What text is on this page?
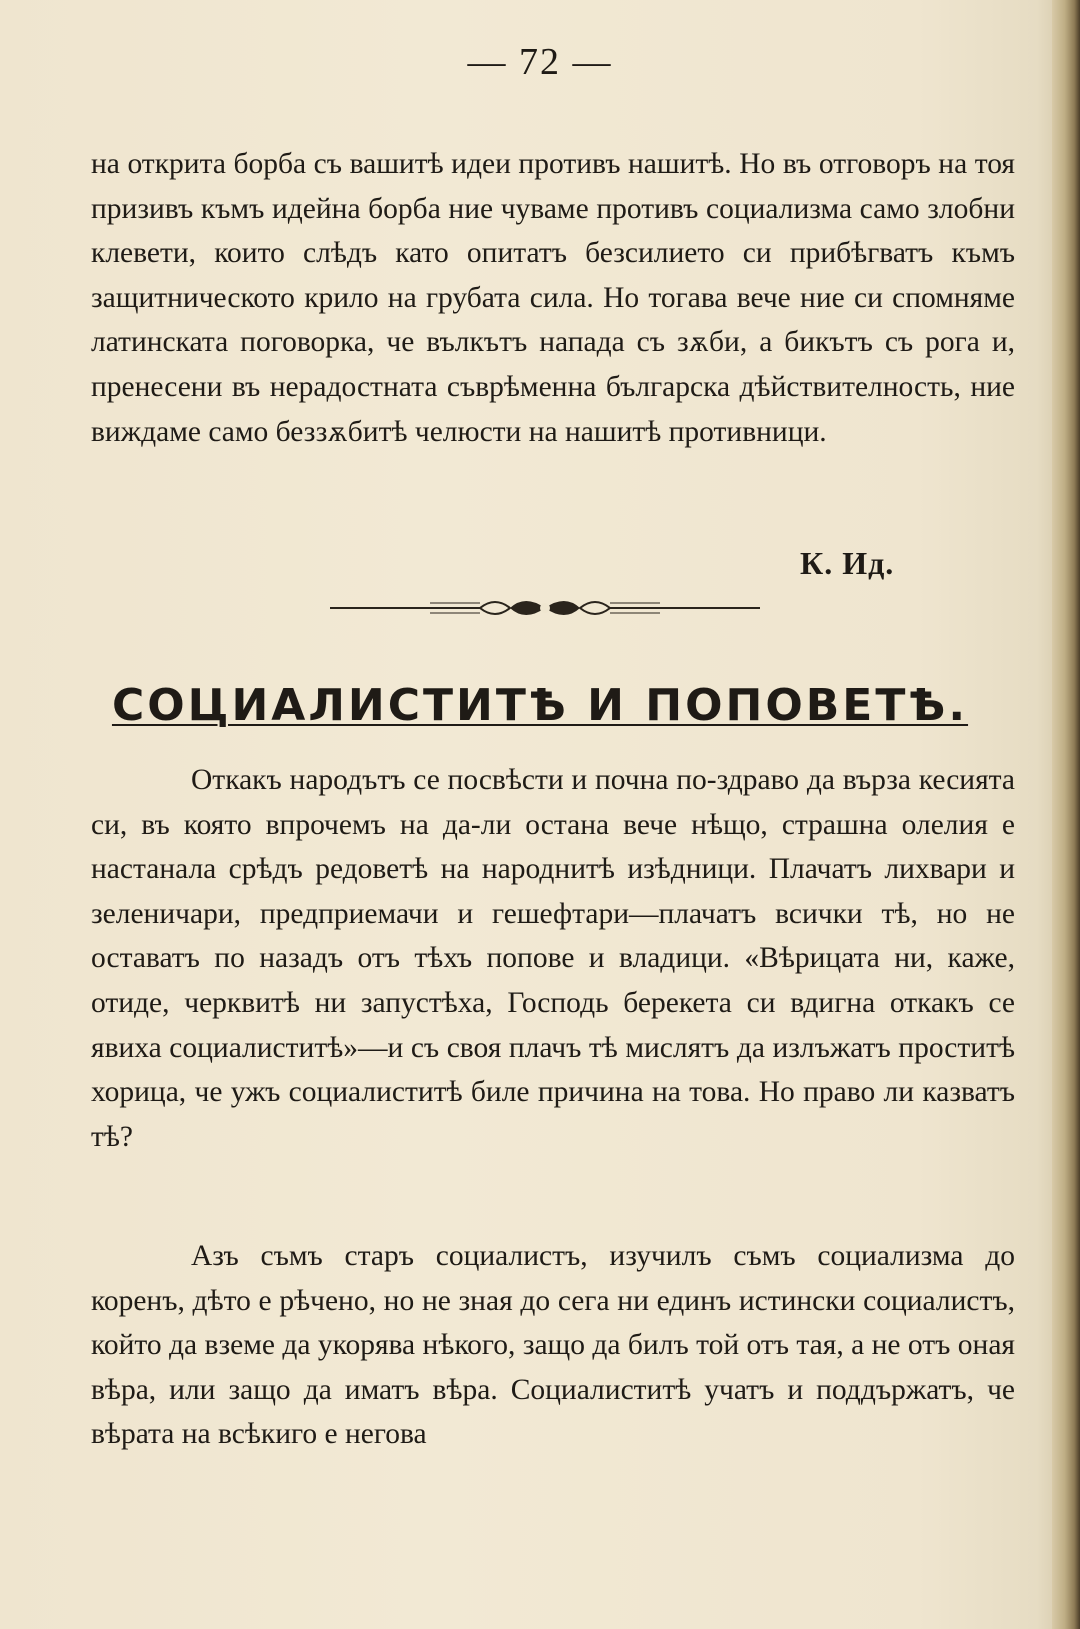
— 72 —

на открита борба съ вашитѣ идеи противъ нашитѣ. Но въ отговоръ на тоя призивъ къмъ идейна борба ние чуваме противъ социализма само злобни клевети, които слѣдъ като опитатъ безсилието си прибѣгватъ къмъ защитническото крило на грубата сила. Но тогава вече ние си спомняме латинската поговорка, че вълкътъ напада съ зѫби, а бикътъ съ рога и, пренесени въ нерадостната съврѣменна българска дѣйствителность, ние виждаме само беззѫбитѣ челюсти на нашитѣ противници.

К. Ид.
СОЦИАЛИСТИТѢ И ПОПОВЕТѢ.

Откакъ народътъ се посвѣсти и почна по-здраво да върза кесията си, въ която впрочемъ на да-ли остана вече нѣщо, страшна олелия е настанала срѣдъ редоветѣ на народнитѣ изѣдници. Плачатъ лихвари и зеленичари, предприемачи и гешефтари—плачатъ всички тѣ, но не оставатъ по назадъ отъ тѣхъ попове и владици. «Вѣрицата ни, каже, отиде, черквитѣ ни запустѣха, Господь берекета си вдигна откакъ се явиха социалиститѣ»—и съ своя плачъ тѣ мислятъ да излъжатъ проститѣ хорица, че ужъ социалиститѣ биле причина на това. Но право ли казватъ тѣ?

Азъ съмъ старъ социалистъ, изучилъ съмъ социализма до коренъ, дѣто е рѣчено, но не зная до сега ни единъ истински социалистъ, който да вземе да укорява нѣкого, защо да билъ той отъ тая, а не отъ оная вѣра, или защо да иматъ вѣра. Социалиститѣ учатъ и поддържатъ, че вѣрата на всѣкиго е негова
